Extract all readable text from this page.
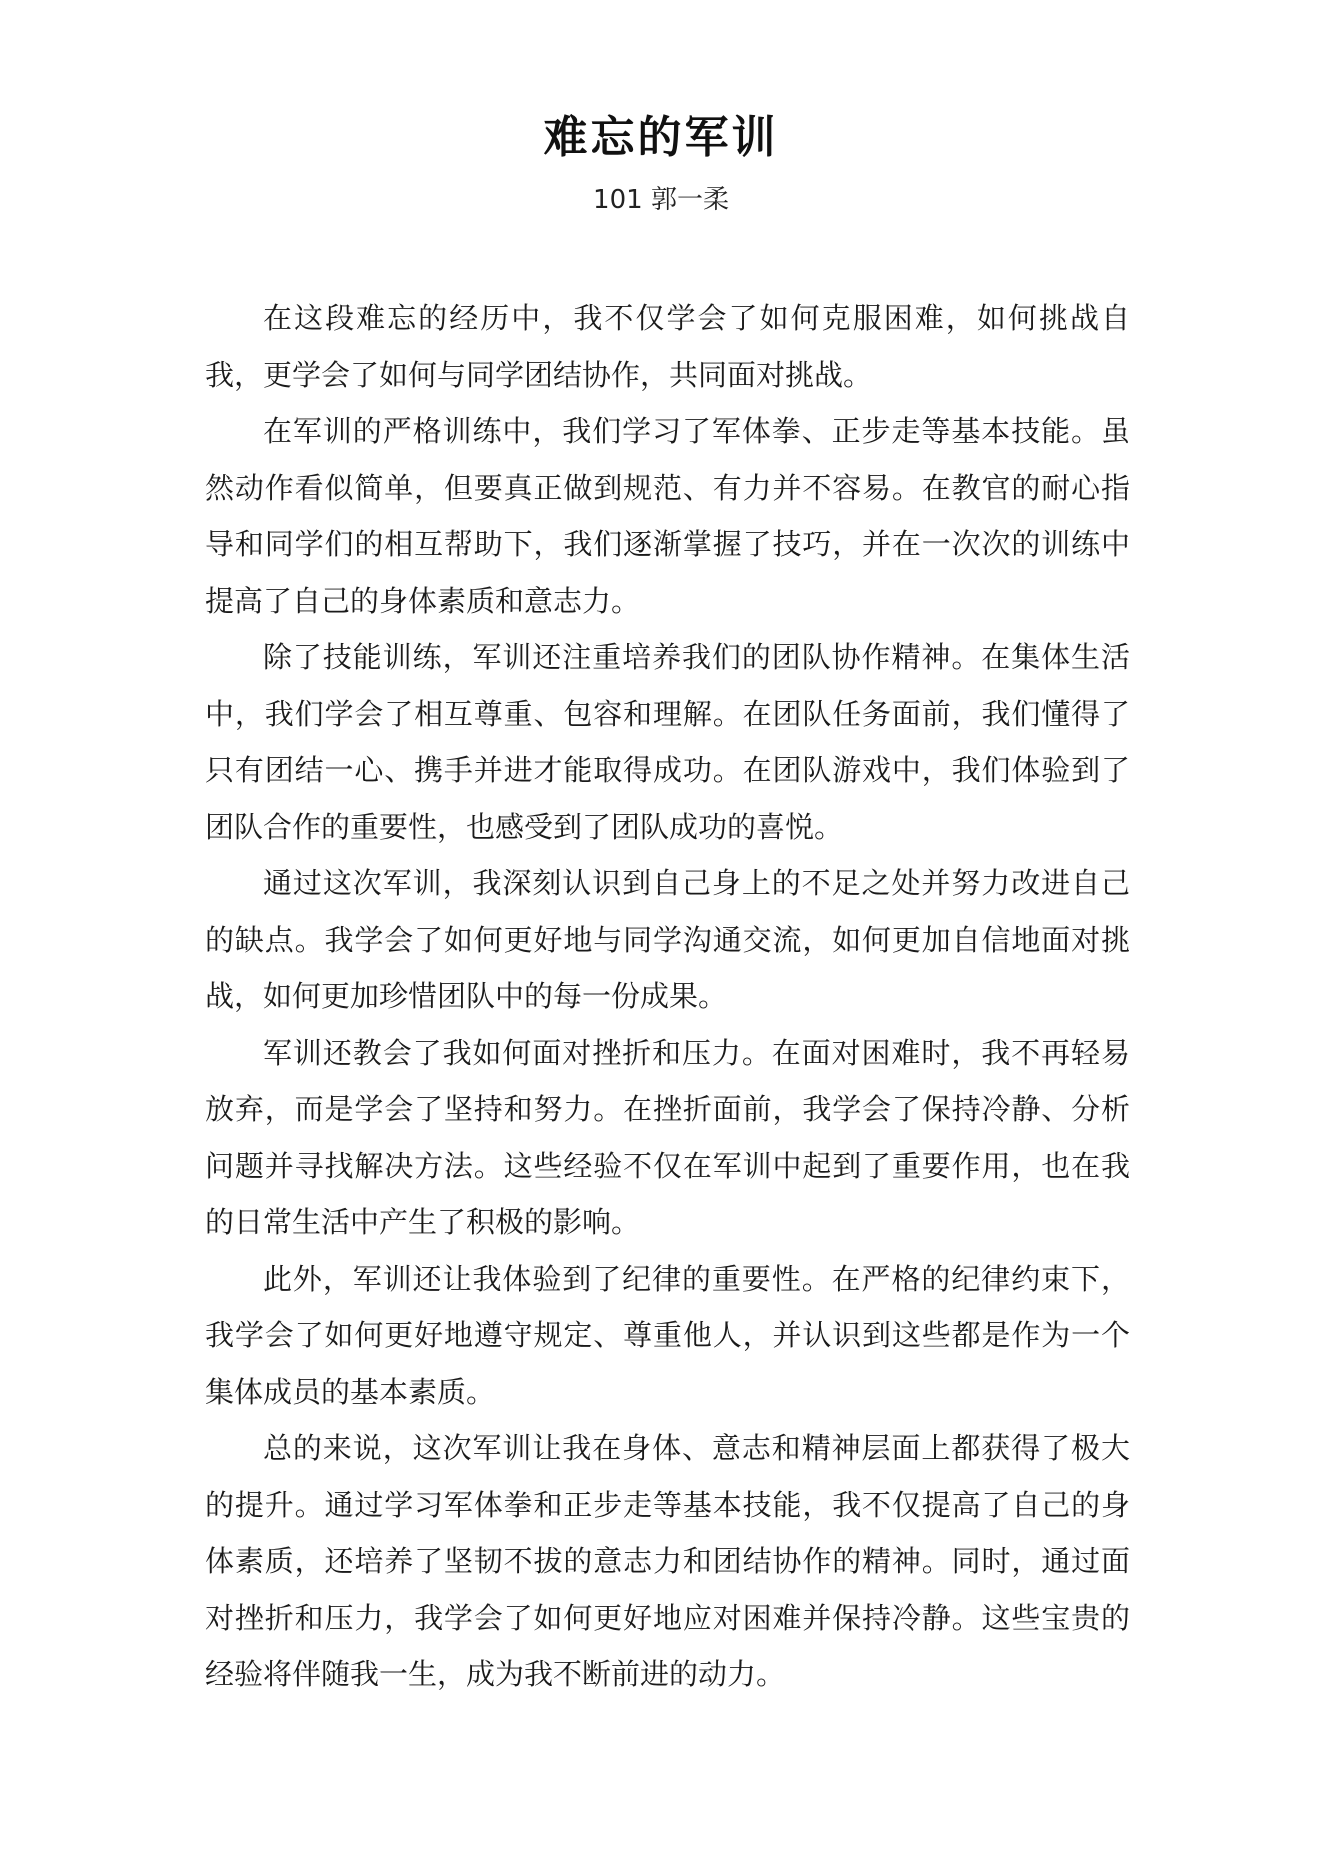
难忘的军训
101 郭一柔

在这段难忘的经历中，我不仅学会了如何克服困难，如何挑战自我，更学会了如何与同学团结协作，共同面对挑战。

在军训的严格训练中，我们学习了军体拳、正步走等基本技能。虽然动作看似简单，但要真正做到规范、有力并不容易。在教官的耐心指导和同学们的相互帮助下，我们逐渐掌握了技巧，并在一次次的训练中提高了自己的身体素质和意志力。

除了技能训练，军训还注重培养我们的团队协作精神。在集体生活中，我们学会了相互尊重、包容和理解。在团队任务面前，我们懂得了只有团结一心、携手并进才能取得成功。在团队游戏中，我们体验到了团队合作的重要性，也感受到了团队成功的喜悦。

通过这次军训，我深刻认识到自己身上的不足之处并努力改进自己的缺点。我学会了如何更好地与同学沟通交流，如何更加自信地面对挑战，如何更加珍惜团队中的每一份成果。

军训还教会了我如何面对挫折和压力。在面对困难时，我不再轻易放弃，而是学会了坚持和努力。在挫折面前，我学会了保持冷静、分析问题并寻找解决方法。这些经验不仅在军训中起到了重要作用，也在我的日常生活中产生了积极的影响。

此外，军训还让我体验到了纪律的重要性。在严格的纪律约束下，我学会了如何更好地遵守规定、尊重他人，并认识到这些都是作为一个集体成员的基本素质。

总的来说，这次军训让我在身体、意志和精神层面上都获得了极大的提升。通过学习军体拳和正步走等基本技能，我不仅提高了自己的身体素质，还培养了坚韧不拔的意志力和团结协作的精神。同时，通过面对挫折和压力，我学会了如何更好地应对困难并保持冷静。这些宝贵的经验将伴随我一生，成为我不断前进的动力。
